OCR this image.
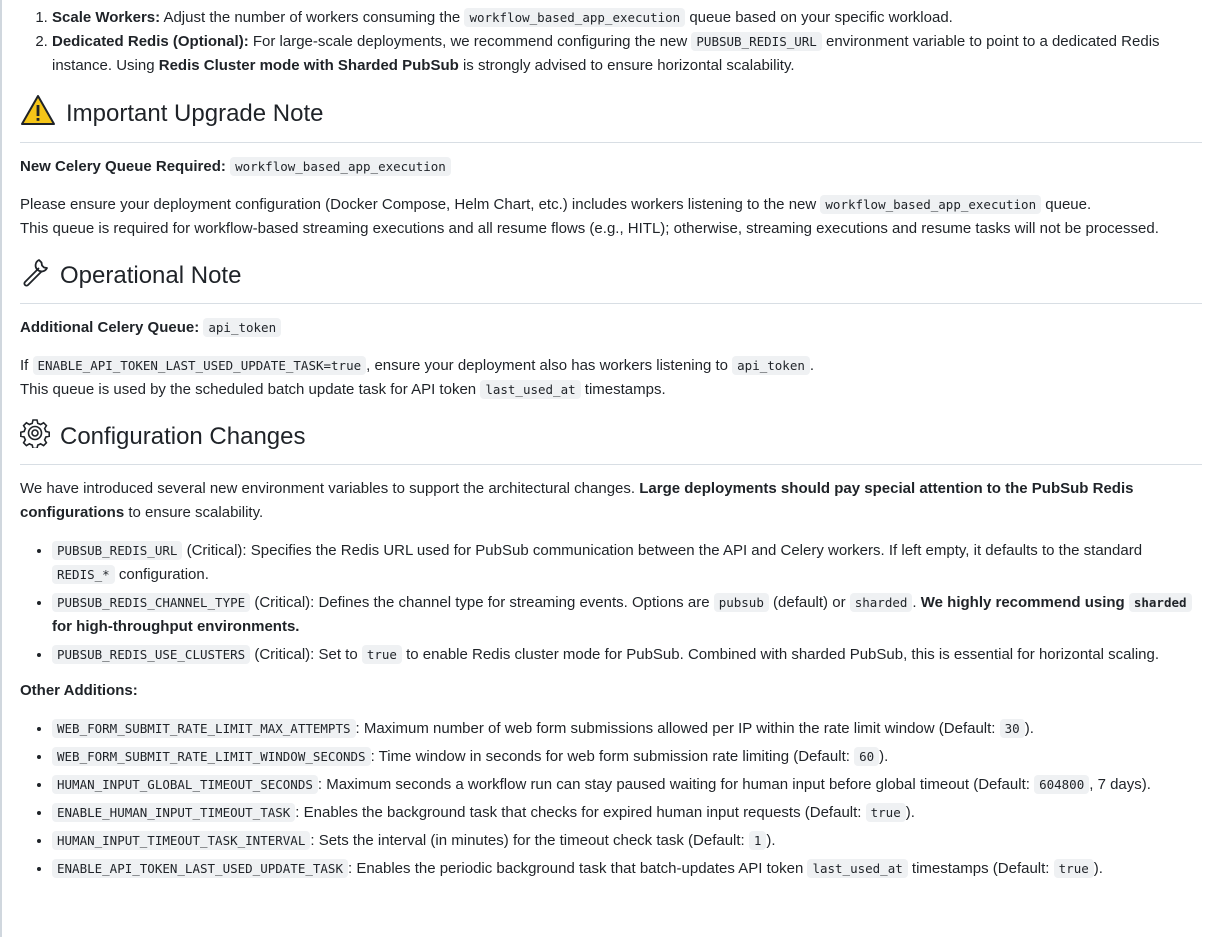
1. Scale Workers: Adjust the number of workers consuming the workflow_based_app_execution queue based on your specific workload.
2. Dedicated Redis (Optional): For large-scale deployments, we recommend configuring the new PUBSUB_REDIS_URL environment variable to point to a dedicated Redis instance. Using Redis Cluster mode with Sharded PubSub is strongly advised to ensure horizontal scalability.
Important Upgrade Note

New Celery Queue Required: workflow_based_app_execution

Please ensure your deployment configuration (Docker Compose, Helm Chart, etc.) includes workers listening to the new workflow_based_app_execution queue.
This queue is required for workflow-based streaming executions and all resume flows (e.g., HITL); otherwise, streaming executions and resume tasks will not be processed.

Operational Note

Additional Celery Queue: api_token

If ENABLE_API_TOKEN_LAST_USED_UPDATE_TASK=true , ensure your deployment also has workers listening to api_token .
This queue is used by the scheduled batch update task for API token last_used_at timestamps.

Configuration Changes

We have introduced several new environment variables to support the architectural changes. Large deployments should pay special attention to the PubSub Redis configurations to ensure scalability.

• PUBSUB_REDIS_URL (Critical): Specifies the Redis URL used for PubSub communication between the API and Celery workers. If left empty, it defaults to the standard REDIS_* configuration.
• PUBSUB_REDIS_CHANNEL_TYPE (Critical): Defines the channel type for streaming events. Options are pubsub (default) or sharded . We highly recommend using sharded for high-throughput environments.
• PUBSUB_REDIS_USE_CLUSTERS (Critical): Set to true to enable Redis cluster mode for PubSub. Combined with sharded PubSub, this is essential for horizontal scaling.

Other Additions:

• WEB_FORM_SUBMIT_RATE_LIMIT_MAX_ATTEMPTS : Maximum number of web form submissions allowed per IP within the rate limit window (Default: 30 ).
• WEB_FORM_SUBMIT_RATE_LIMIT_WINDOW_SECONDS : Time window in seconds for web form submission rate limiting (Default: 60 ).
• HUMAN_INPUT_GLOBAL_TIMEOUT_SECONDS : Maximum seconds a workflow run can stay paused waiting for human input before global timeout (Default: 604800 , 7 days).
• ENABLE_HUMAN_INPUT_TIMEOUT_TASK : Enables the background task that checks for expired human input requests (Default: true ).
• HUMAN_INPUT_TIMEOUT_TASK_INTERVAL : Sets the interval (in minutes) for the timeout check task (Default: 1 ).
• ENABLE_API_TOKEN_LAST_USED_UPDATE_TASK : Enables the periodic background task that batch-updates API token last_used_at timestamps (Default: true ).
